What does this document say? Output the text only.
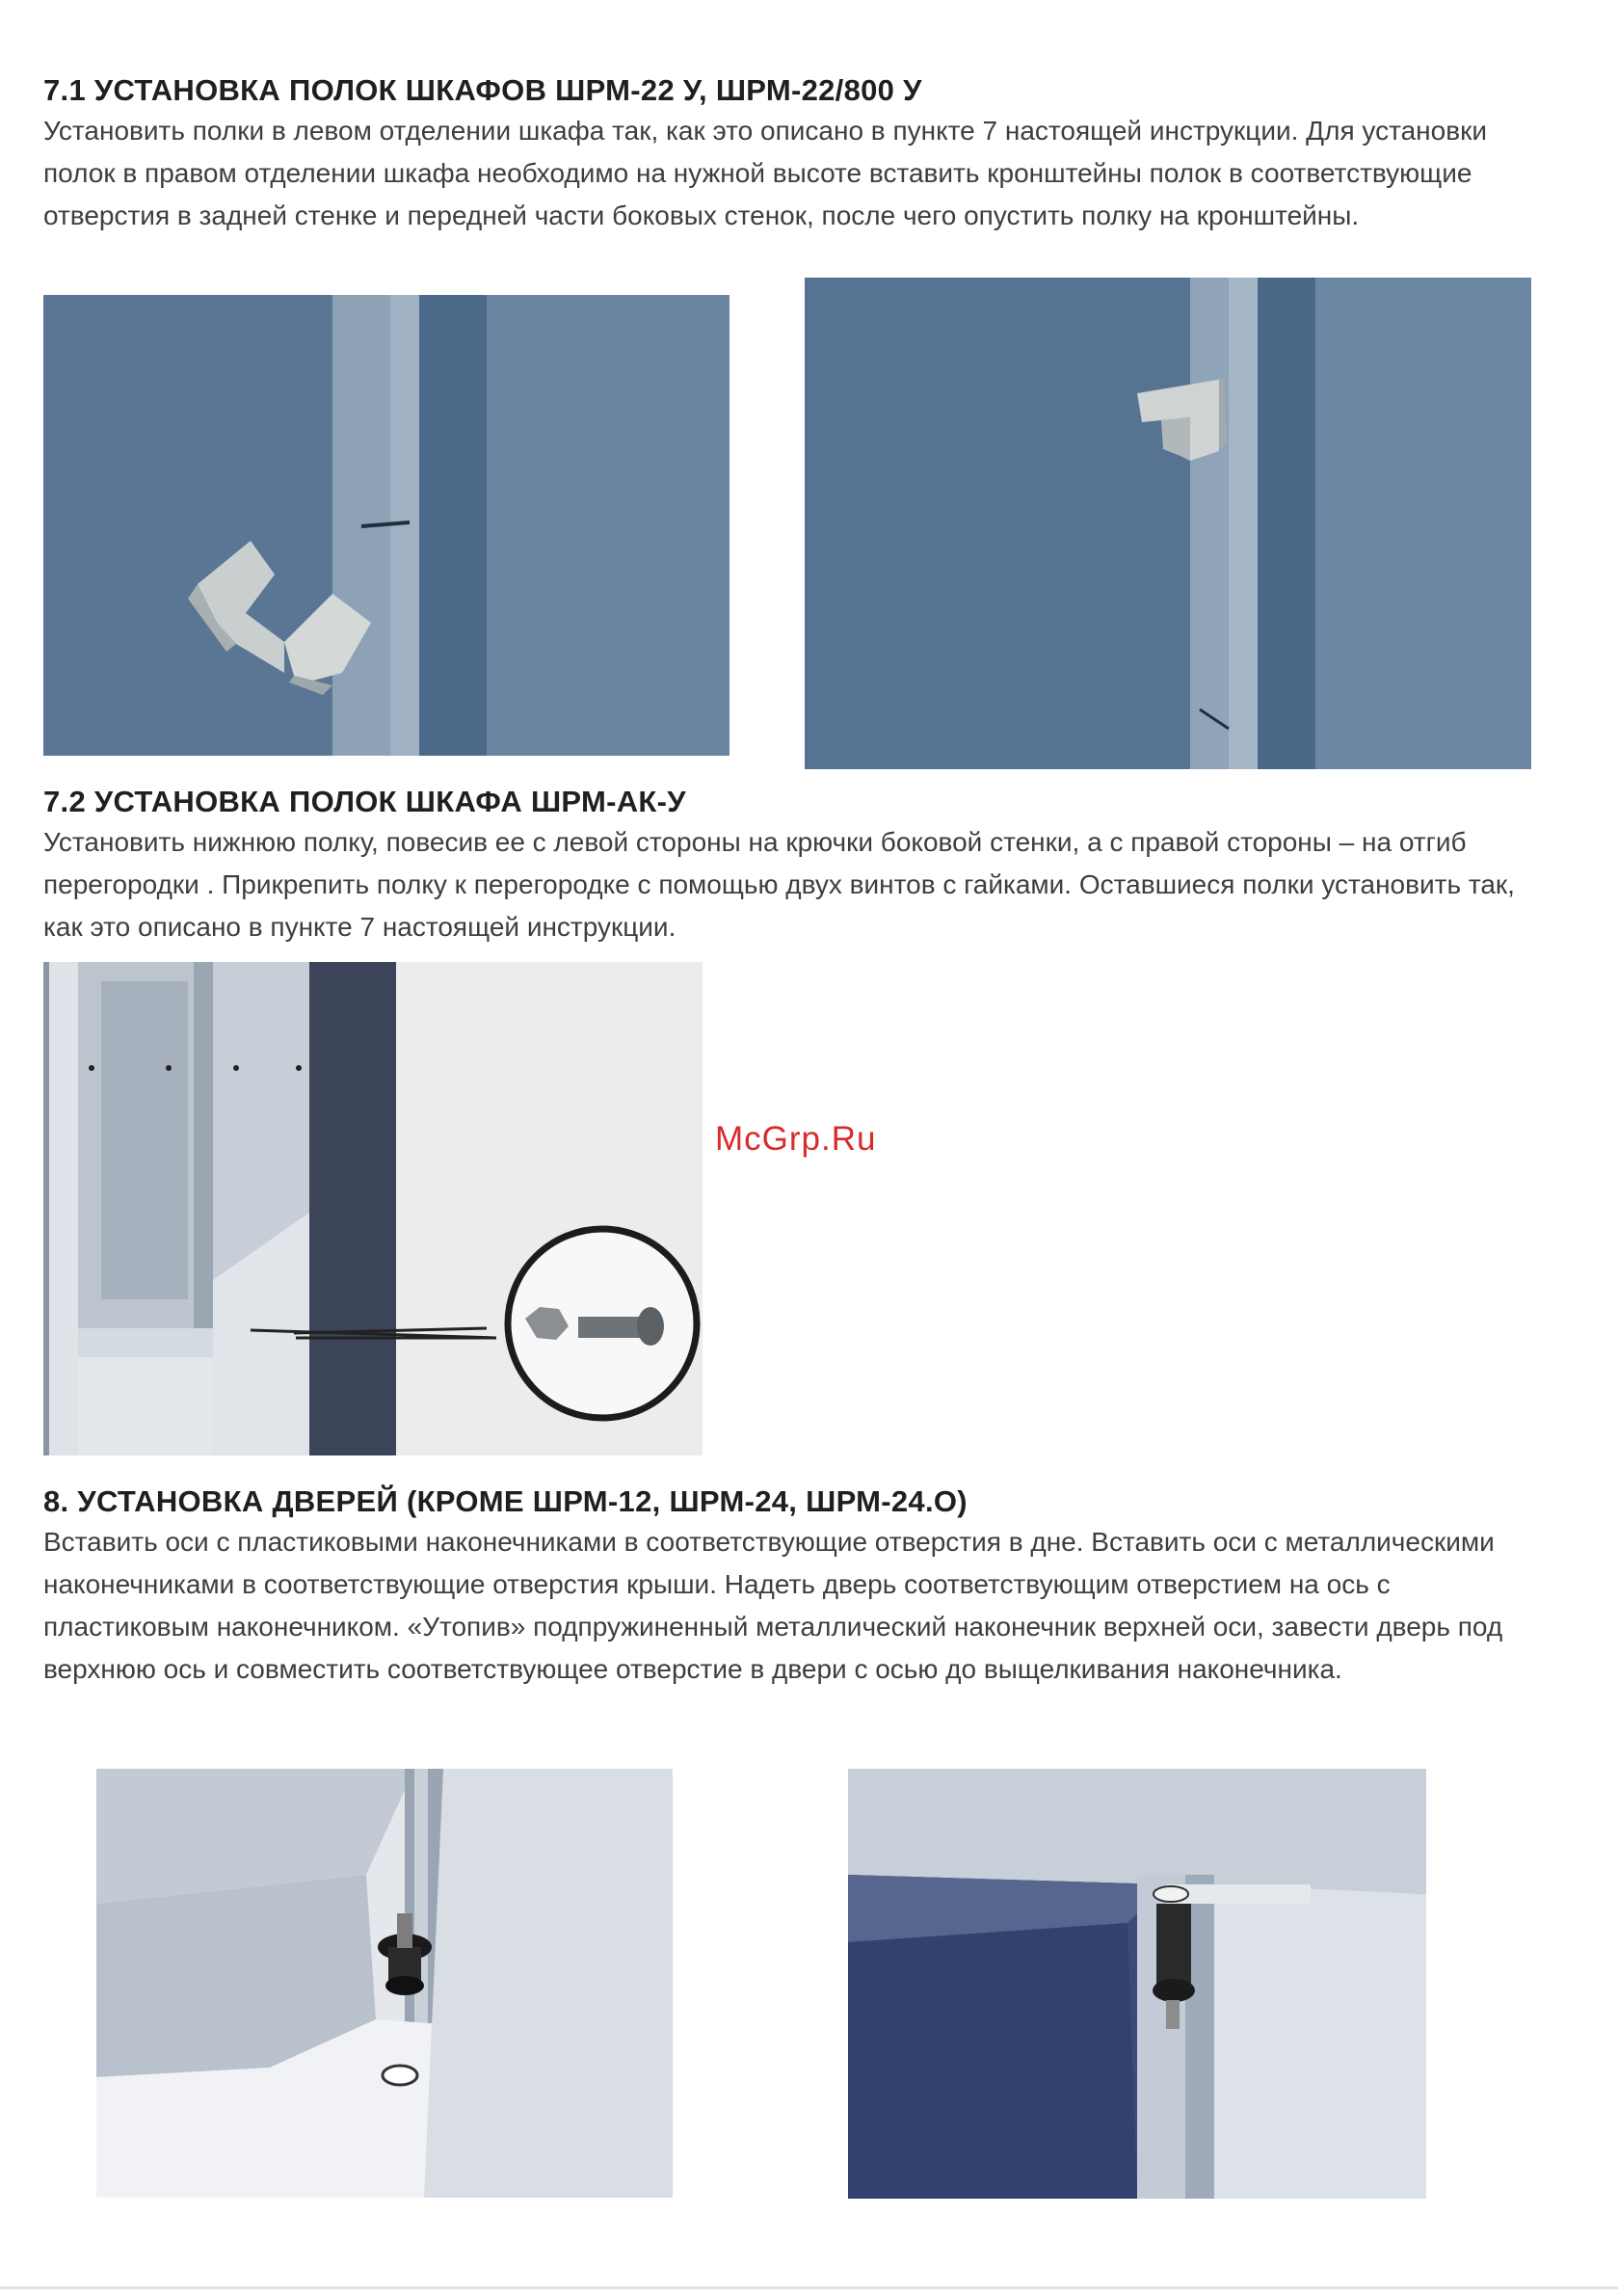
7.1 УСТАНОВКА ПОЛОК ШКАФОВ ШРМ-22 У, ШРМ-22/800 У

Установить полки в левом отделении шкафа так, как это описано в пункте 7 настоящей инструкции. Для установки полок в правом отделении шкафа необходимо на нужной высоте вставить кронштейны полок в соответствующие отверстия в задней стенке и передней части боковых стенок, после чего опустить полку на кронштейны.

7.2 УСТАНОВКА ПОЛОК ШКАФА ШРМ-АК-У

Установить нижнюю полку, повесив ее с левой стороны на крючки боковой стенки, а с правой стороны – на отгиб перегородки . Прикрепить полку к перегородке с помощью двух винтов с гайками. Оставшиеся полки установить так, как это описано в пункте 7 настоящей инструкции.

McGrp.Ru
8. УСТАНОВКА ДВЕРЕЙ (КРОМЕ ШРМ-12, ШРМ-24, ШРМ-24.О)

Вставить оси с пластиковыми наконечниками в соответствующие отверстия в дне. Вставить оси с металлическими наконечниками в соответствующие отверстия крыши. Надеть дверь соответствующим отверстием на ось с пластиковым наконечником. «Утопив» подпружиненный металлический наконечник верхней оси, завести дверь под верхнюю ось и совместить соответствующее отверстие в двери с осью до выщелкивания наконечника.
